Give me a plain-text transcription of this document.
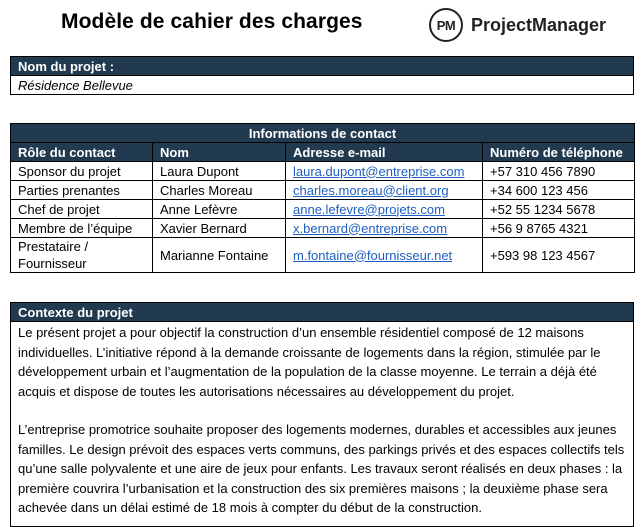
Modèle de cahier des charges	PM ProjectManager
Nom du projet :
Résidence Bellevue
Informations de contact			
Rôle du contact	Nom	Adresse e-mail	Numéro de téléphone
Sponsor du projet	Laura Dupont	laura.dupont@entreprise.com	+57 310 456 7890
Parties prenantes	Charles Moreau	charles.moreau@client.org	+34 600 123 456
Chef de projet	Anne Lefèvre	anne.lefevre@projets.com	+52 55 1234 5678
Membre de l’équipe	Xavier Bernard	x.bernard@entreprise.com	+56 9 8765 4321
Prestataire / Fournisseur	Marianne Fontaine	m.fontaine@fournisseur.net	+593 98 123 4567
Contexte du projet

Le présent projet a pour objectif la construction d’un ensemble résidentiel composé de 12 maisons individuelles. L’initiative répond à la demande croissante de logements dans la région, stimulée par le développement urbain et l’augmentation de la population de la classe moyenne. Le terrain a déjà été acquis et dispose de toutes les autorisations nécessaires au développement du projet.

L’entreprise promotrice souhaite proposer des logements modernes, durables et accessibles aux jeunes familles. Le design prévoit des espaces verts communs, des parkings privés et des espaces collectifs tels qu’une salle polyvalente et une aire de jeux pour enfants. Les travaux seront réalisés en deux phases : la première couvrira l’urbanisation et la construction des six premières maisons ; la deuxième phase sera achevée dans un délai estimé de 18 mois à compter du début de la construction.
